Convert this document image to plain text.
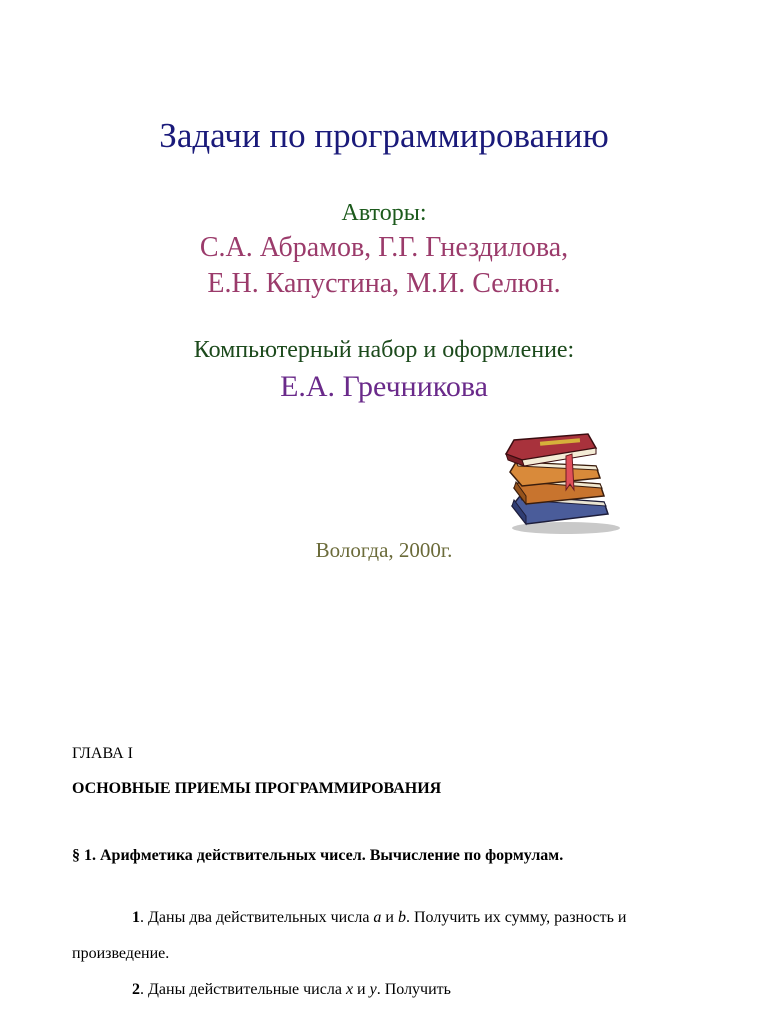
Задачи по программированию
Авторы:
С.А. Абрамов, Г.Г. Гнездилова,
Е.Н. Капустина, М.И. Селюн.
Компьютерный набор и оформление:
Е.А. Гречникова
Вологда, 2000г.
ГЛАВА I
ОСНОВНЫЕ ПРИЕМЫ ПРОГРАММИРОВАНИЯ
§ 1. Арифметика действительных чисел. Вычисление по формулам.
1. Даны два действительных числа a и b. Получить их сумму, разность и произведение.
2. Даны действительные числа x и y. Получить
